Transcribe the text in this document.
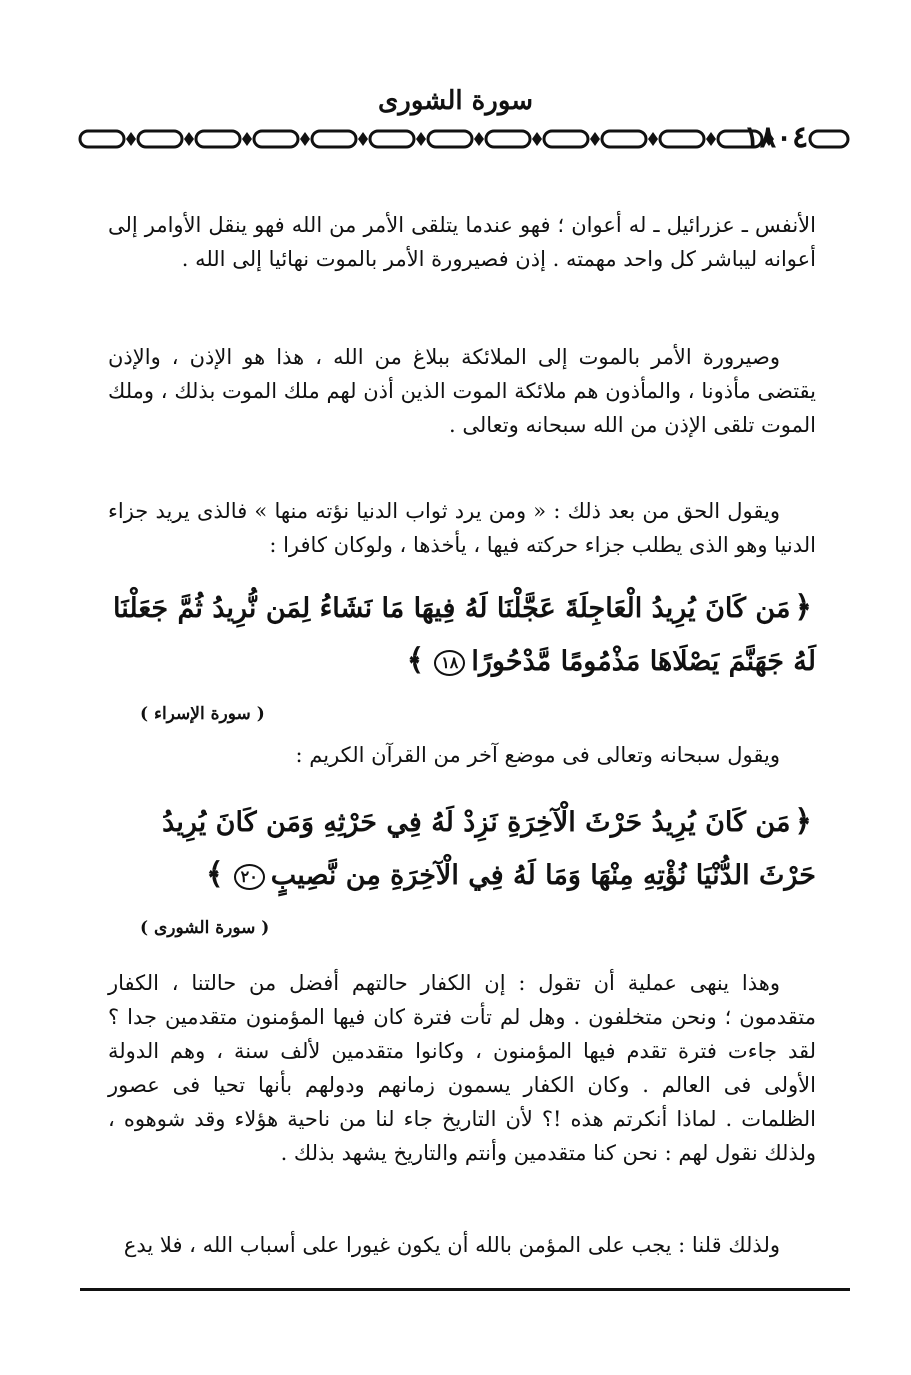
سورة الشورى
١٨٠٤

الأنفس ـ عزرائيل ـ له أعوان ؛ فهو عندما يتلقى الأمر من الله فهو ينقل الأوامر إلى أعوانه ليباشر كل واحد مهمته . إذن فصيرورة الأمر بالموت نهائيا إلى الله .

وصيرورة الأمر بالموت إلى الملائكة ببلاغ من الله ، هذا هو الإذن ، والإذن يقتضى مأذونا ، والمأذون هم ملائكة الموت الذين أذن لهم ملك الموت بذلك ، وملك الموت تلقى الإذن من الله سبحانه وتعالى .

ويقول الحق من بعد ذلك : « ومن يرد ثواب الدنيا نؤته منها » فالذى يريد جزاء الدنيا وهو الذى يطلب جزاء حركته فيها ، يأخذها ، ولوكان كافرا :

﴿مَن كَانَ يُرِيدُ الْعَاجِلَةَ عَجَّلْنَا لَهُ فِيهَا مَا نَشَاءُ لِمَن نُّرِيدُ ثُمَّ جَعَلْنَا لَهُ جَهَنَّمَ يَصْلَاهَا مَذْمُومًا مَّدْحُورًا١٨﴾
( سورة الإسراء )

ويقول سبحانه وتعالى فى موضع آخر من القرآن الكريم :

﴿مَن كَانَ يُرِيدُ حَرْثَ الْآخِرَةِ نَزِدْ لَهُ فِي حَرْثِهِ وَمَن كَانَ يُرِيدُ حَرْثَ الدُّنْيَا نُؤْتِهِ مِنْهَا وَمَا لَهُ فِي الْآخِرَةِ مِن نَّصِيبٍ٢٠﴾
( سورة الشورى )

وهذا ينهى عملية أن تقول : إن الكفار حالتهم أفضل من حالتنا ، الكفار متقدمون ؛ ونحن متخلفون . وهل لم تأت فترة كان فيها المؤمنون متقدمين جدا ؟ لقد جاءت فترة تقدم فيها المؤمنون ، وكانوا متقدمين لألف سنة ، وهم الدولة الأولى فى العالم . وكان الكفار يسمون زمانهم ودولهم بأنها تحيا فى عصور الظلمات . لماذا أنكرتم هذه !؟ لأن التاريخ جاء لنا من ناحية هؤلاء وقد شوهوه ، ولذلك نقول لهم : نحن كنا متقدمين وأنتم والتاريخ يشهد بذلك .

ولذلك قلنا : يجب على المؤمن بالله أن يكون غيورا على أسباب الله ، فلا يدع
